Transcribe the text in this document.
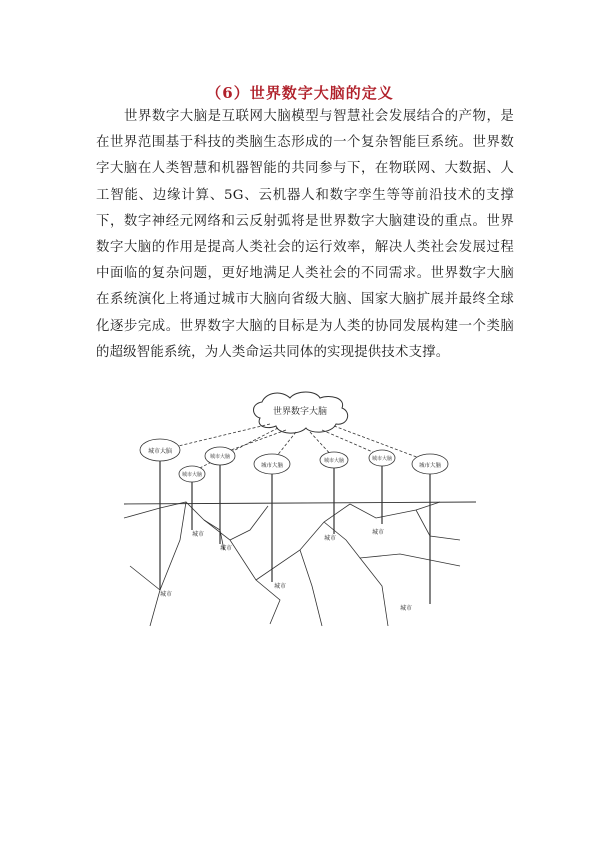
（6）世界数字大脑的定义
世界数字大脑是互联网大脑模型与智慧社会发展结合的产物，是在世界范围基于科技的类脑生态形成的一个复杂智能巨系统。世界数字大脑在人类智慧和机器智能的共同参与下，在物联网、大数据、人工智能、边缘计算、5G、云机器人和数字孪生等等前沿技术的支撑下，数字神经元网络和云反射弧将是世界数字大脑建设的重点。世界数字大脑的作用是提高人类社会的运行效率，解决人类社会发展过程中面临的复杂问题，更好地满足人类社会的不同需求。世界数字大脑在系统演化上将通过城市大脑向省级大脑、国家大脑扩展并最终全球化逐步完成。世界数字大脑的目标是为人类的协同发展构建一个类脑的超级智能系统，为人类命运共同体的实现提供技术支撑。
世界数字大脑
城市大脑
城市
城市大脑
城市
城市大脑
城市
城市大脑
城市
城市大脑
城市
城市大脑
城市
城市大脑
城市
